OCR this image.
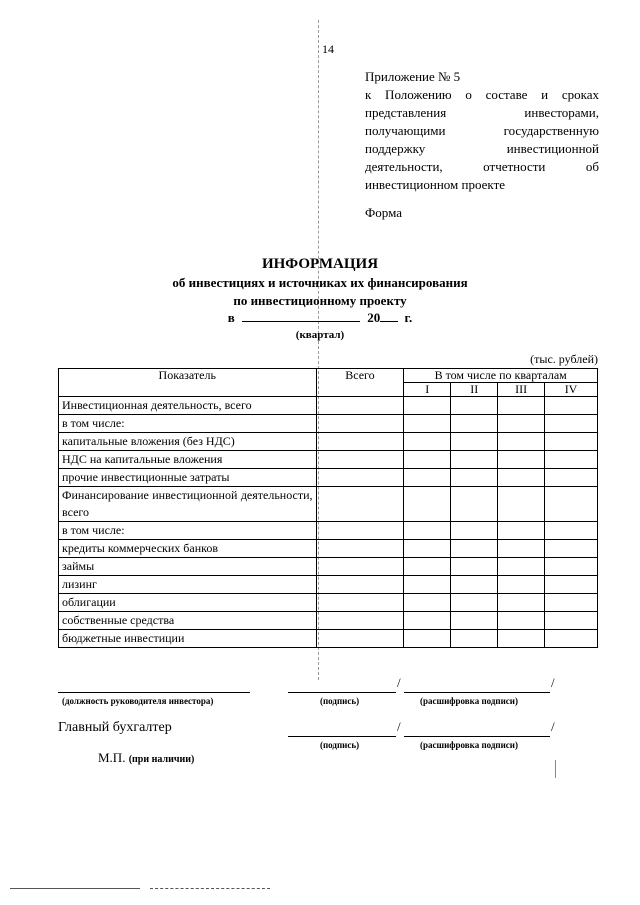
14
Приложение № 5
к Положению о составе и сроках
представления инвесторами,
получающими государственную
поддержку инвестиционной
деятельности, отчетности об
инвестиционном проекте
Форма
ИНФОРМАЦИЯ
об инвестициях и источниках их финансирования
по инвестиционному проекту
в	20 г.
(квартал)
(тыс. рублей)
Показатель	Всего	В том числе по кварталам			
		I	II	III	IV
Инвестиционная деятельность, всего					
в том числе:					
капитальные вложения (без НДС)					
НДС на капитальные вложения					
прочие инвестиционные затраты					
Финансирование инвестиционной деятельности, всего					
в том числе:					
кредиты коммерческих банков					
займы					
лизинг					
облигации					
собственные средства					
бюджетные инвестиции					
(должность руководителя инвестора)
/	/
(подпись)	(расшифровка подписи)
Главный бухгалтер	/	/
(подпись)	(расшифровка подписи)
М.П. (при наличии)
